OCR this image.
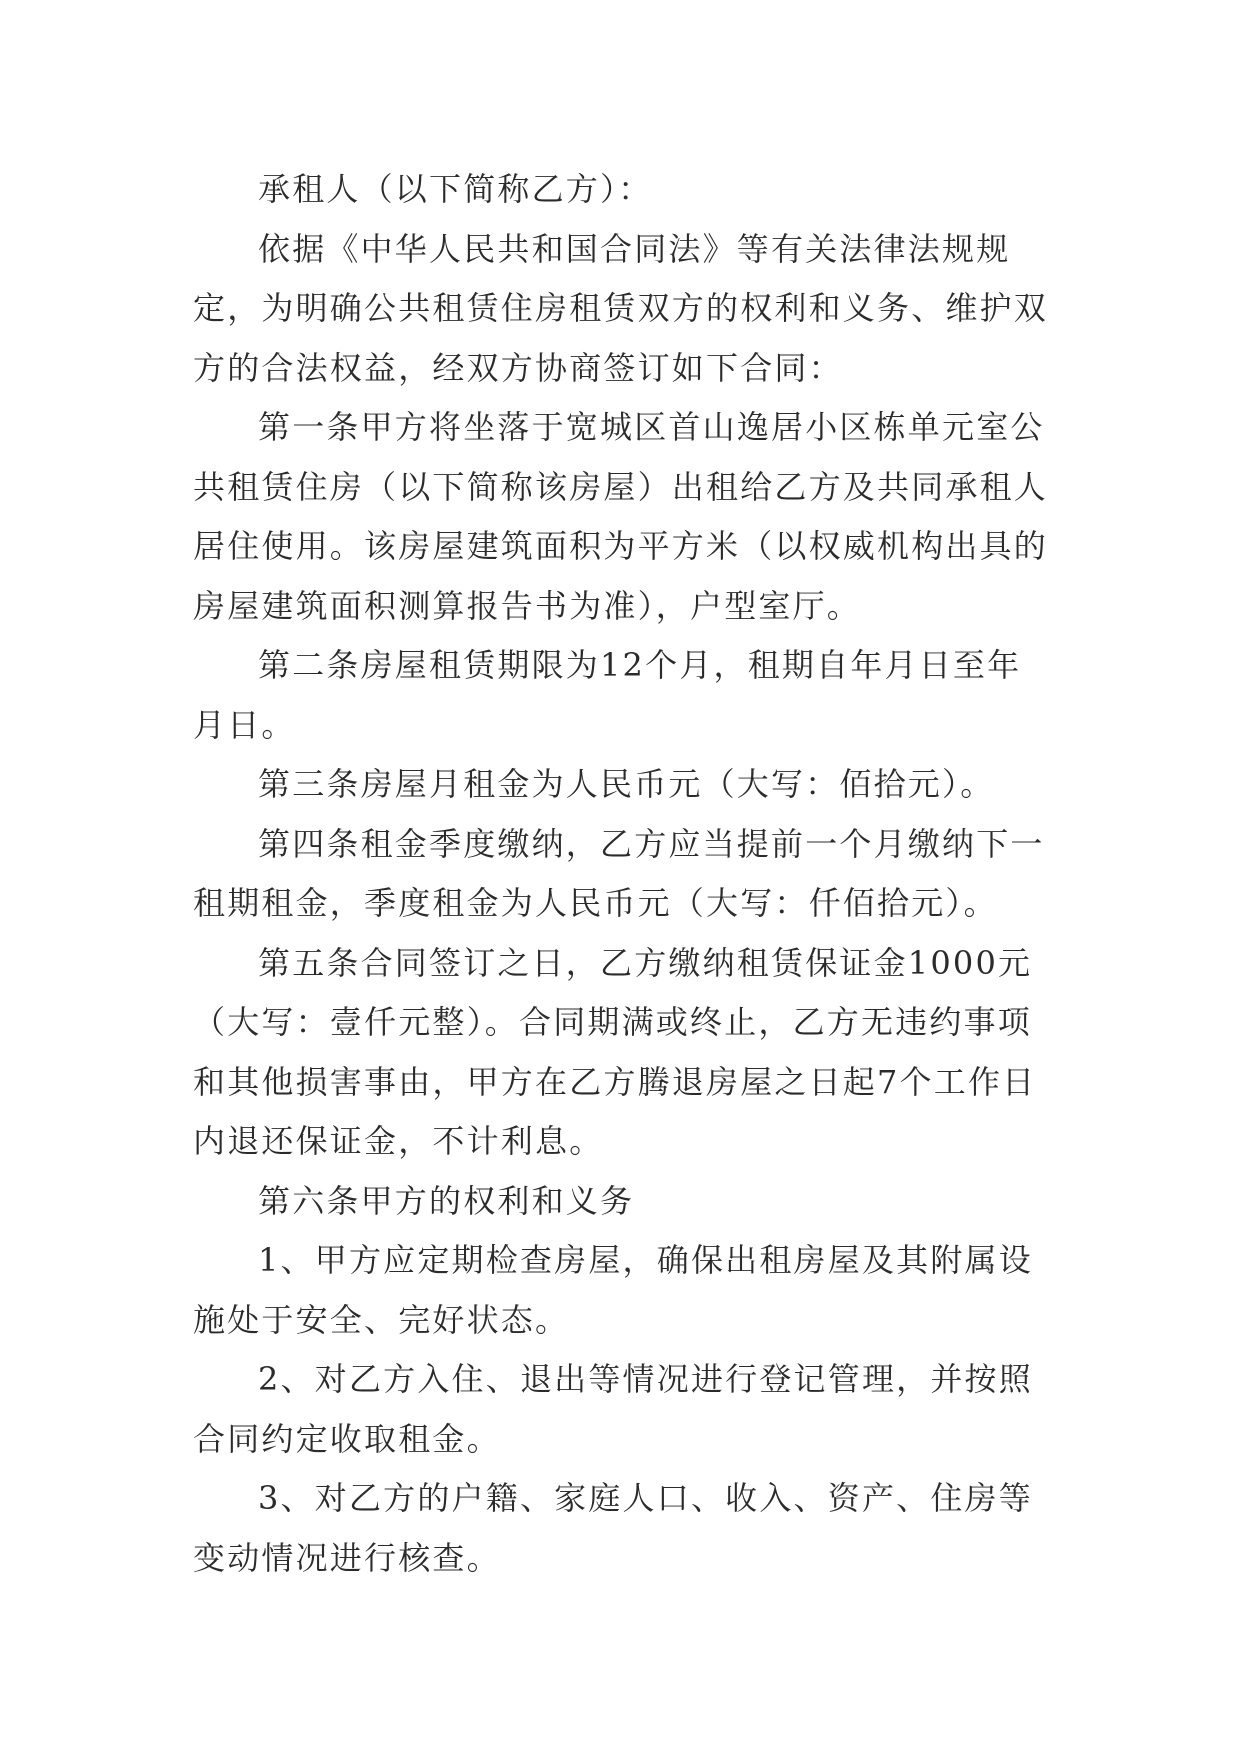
承租人（以下简称乙方）：

依据《中华人民共和国合同法》等有关法律法规规定，为明确公共租赁住房租赁双方的权利和义务、维护双方的合法权益，经双方协商签订如下合同：

第一条甲方将坐落于宽城区首山逸居小区栋单元室公共租赁住房（以下简称该房屋）出租给乙方及共同承租人居住使用。该房屋建筑面积为平方米（以权威机构出具的房屋建筑面积测算报告书为准），户型室厅。

第二条房屋租赁期限为12个月，租期自年月日至年月日。

第三条房屋月租金为人民币元（大写：佰拾元）。

第四条租金季度缴纳，乙方应当提前一个月缴纳下一租期租金，季度租金为人民币元（大写：仟佰拾元）。

第五条合同签订之日，乙方缴纳租赁保证金1000元（大写：壹仟元整）。合同期满或终止，乙方无违约事项和其他损害事由，甲方在乙方腾退房屋之日起7个工作日内退还保证金，不计利息。

第六条甲方的权利和义务

1、甲方应定期检查房屋，确保出租房屋及其附属设施处于安全、完好状态。

2、对乙方入住、退出等情况进行登记管理，并按照合同约定收取租金。

3、对乙方的户籍、家庭人口、收入、资产、住房等变动情况进行核查。
